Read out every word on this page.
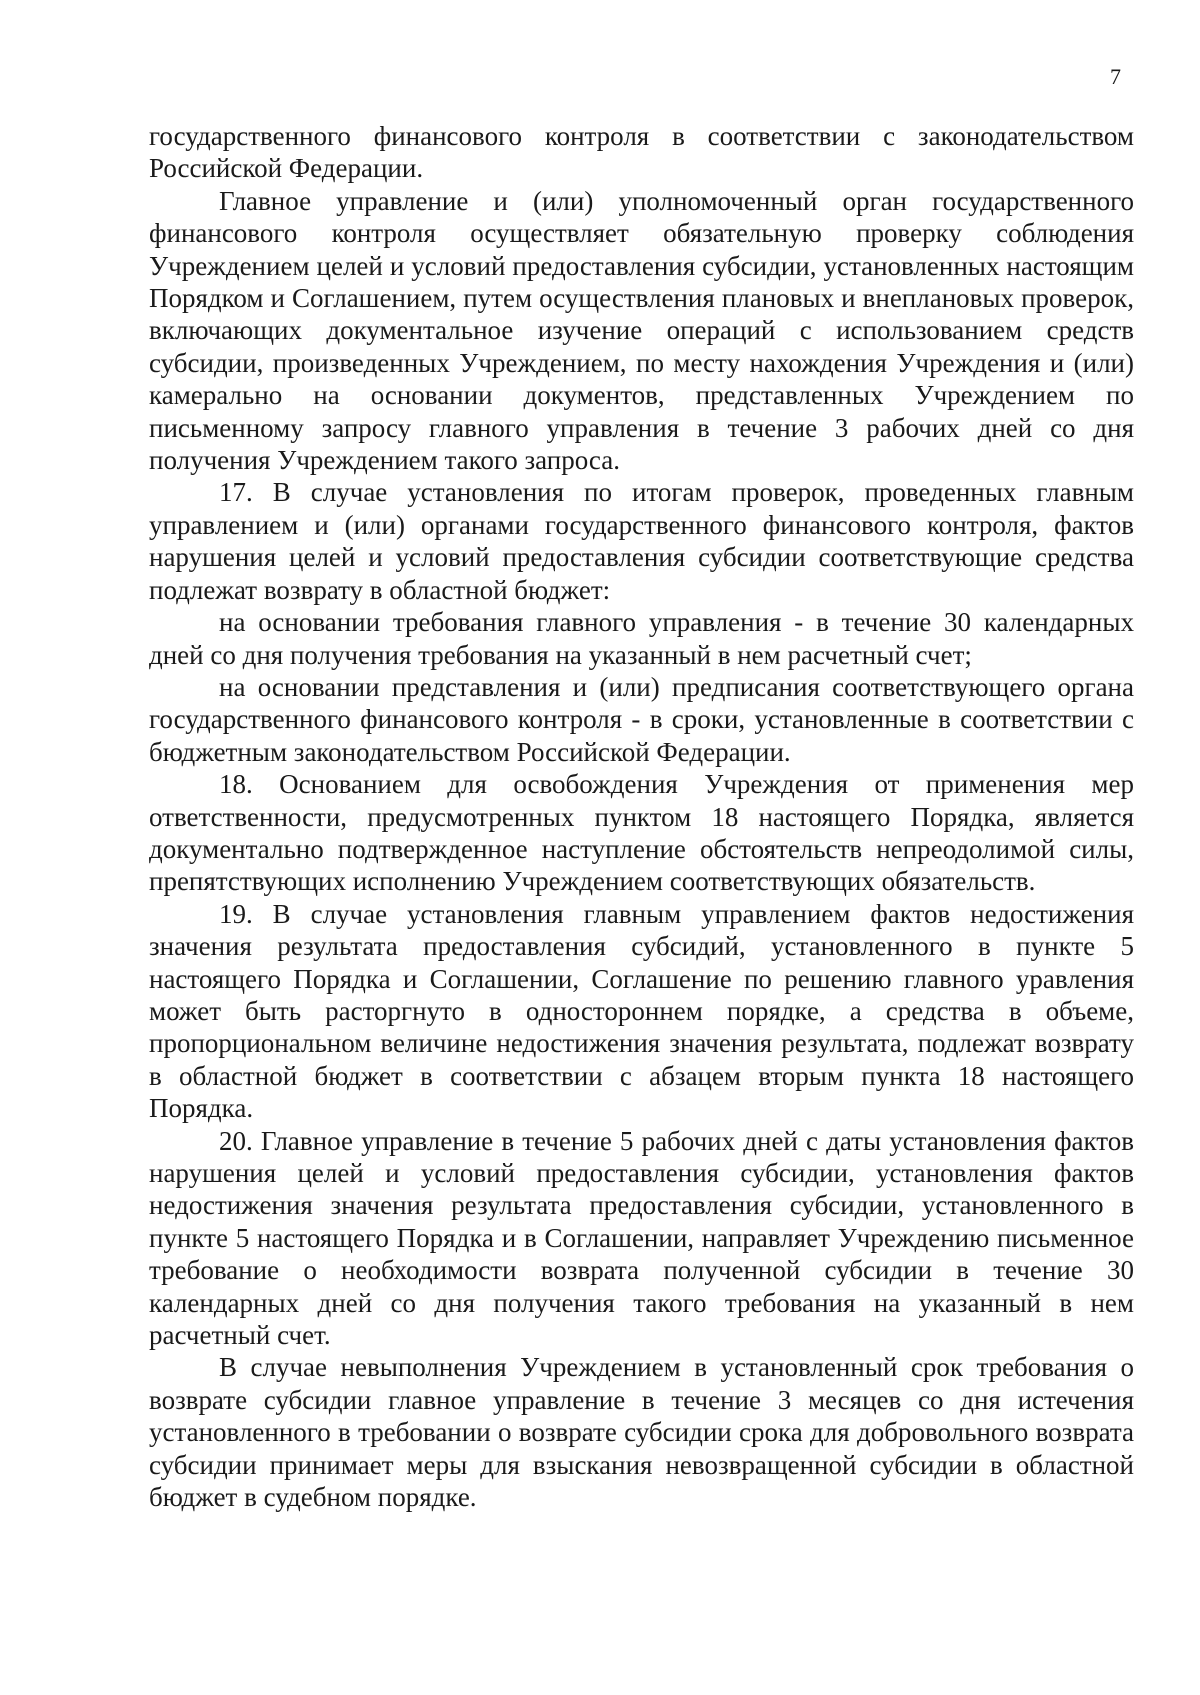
7

государственного финансового контроля в соответствии с законодательством Российской Федерации.

Главное управление и (или) уполномоченный орган государственного финансового контроля осуществляет обязательную проверку соблюдения Учреждением целей и условий предоставления субсидии, установленных настоящим Порядком и Соглашением, путем осуществления плановых и внеплановых проверок, включающих документальное изучение операций с использованием средств субсидии, произведенных Учреждением, по месту нахождения Учреждения и (или) камерально на основании документов, представленных Учреждением по письменному запросу главного управления в течение 3 рабочих дней со дня получения Учреждением такого запроса.

17. В случае установления по итогам проверок, проведенных главным управлением и (или) органами государственного финансового контроля, фактов нарушения целей и условий предоставления субсидии соответствующие средства подлежат возврату в областной бюджет:

на основании требования главного управления - в течение 30 календарных дней со дня получения требования на указанный в нем расчетный счет;

на основании представления и (или) предписания соответствующего органа государственного финансового контроля - в сроки, установленные в соответствии с бюджетным законодательством Российской Федерации.

18. Основанием для освобождения Учреждения от применения мер ответственности, предусмотренных пунктом 18 настоящего Порядка, является документально подтвержденное наступление обстоятельств непреодолимой силы, препятствующих исполнению Учреждением соответствующих обязательств.

19. В случае установления главным управлением фактов недостижения значения результата предоставления субсидий, установленного в пункте 5 настоящего Порядка и Соглашении, Соглашение по решению главного уравления может быть расторгнуто в одностороннем порядке, а средства в объеме, пропорциональном величине недостижения значения результата, подлежат возврату в областной бюджет в соответствии с абзацем вторым пункта 18 настоящего Порядка.

20. Главное управление в течение 5 рабочих дней с даты установления фактов нарушения целей и условий предоставления субсидии, установления фактов недостижения значения результата предоставления субсидии, установленного в пункте 5 настоящего Порядка и в Соглашении, направляет Учреждению письменное требование о необходимости возврата полученной субсидии в течение 30 календарных дней со дня получения такого требования на указанный в нем расчетный счет.

В случае невыполнения Учреждением в установленный срок требования о возврате субсидии главное управление в течение 3 месяцев со дня истечения установленного в требовании о возврате субсидии срока для добровольного возврата субсидии принимает меры для взыскания невозвращенной субсидии в областной бюджет в судебном порядке.
